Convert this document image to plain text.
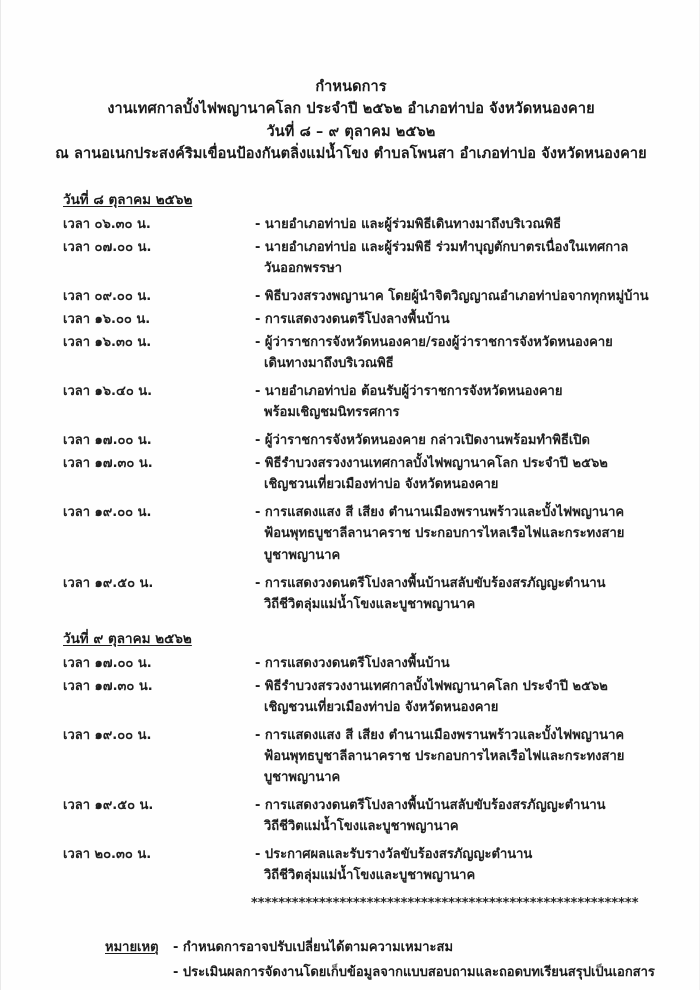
กำหนดการ
งานเทศกาลบั้งไฟพญานาคโลก ประจำปี ๒๕๖๒ อำเภอท่าบ่อ จังหวัดหนองคาย
วันที่ ๘ – ๙ ตุลาคม ๒๕๖๒
ณ ลานอเนกประสงค์ริมเขื่อนป้องกันตลิ่งแม่น้ำโขง ตำบลโพนสา อำเภอท่าบ่อ จังหวัดหนองคาย
วันที่ ๘ ตุลาคม ๒๕๖๒
เวลา ๐๖.๓๐ น.	- นายอำเภอท่าบ่อ และผู้ร่วมพิธีเดินทางมาถึงบริเวณพิธี
เวลา ๐๗.๐๐ น.	- นายอำเภอท่าบ่อ และผู้ร่วมพิธี ร่วมทำบุญตักบาตรเนื่องในเทศกาล
วันออกพรรษา
เวลา ๐๙.๐๐ น.	- พิธีบวงสรวงพญานาค โดยผู้นำจิตวิญญาณอำเภอท่าบ่อจากทุกหมู่บ้าน
เวลา ๑๖.๐๐ น.	- การแสดงวงดนตรีโปงลางพื้นบ้าน
เวลา ๑๖.๓๐ น.	- ผู้ว่าราชการจังหวัดหนองคาย/รองผู้ว่าราชการจังหวัดหนองคาย
เดินทางมาถึงบริเวณพิธี
เวลา ๑๖.๔๐ น.	- นายอำเภอท่าบ่อ ต้อนรับผู้ว่าราชการจังหวัดหนองคาย
พร้อมเชิญชมนิทรรศการ
เวลา ๑๗.๐๐ น.	- ผู้ว่าราชการจังหวัดหนองคาย กล่าวเปิดงานพร้อมทำพิธีเปิด
เวลา ๑๗.๓๐ น.	- พิธีรำบวงสรวงงานเทศกาลบั้งไฟพญานาคโลก ประจำปี ๒๕๖๒
เชิญชวนเที่ยวเมืองท่าบ่อ จังหวัดหนองคาย
เวลา ๑๙.๐๐ น.	- การแสดงแสง สี เสียง ตำนานเมืองพรานพร้าวและบั้งไฟพญานาค
ฟ้อนพุทธบูชาลีลานาคราช ประกอบการไหลเรือไฟและกระทงสาย
บูชาพญานาค
เวลา ๑๙.๕๐ น.	- การแสดงวงดนตรีโปงลางพื้นบ้านสลับขับร้องสรภัญญะตำนาน
วิถีชีวิตลุ่มแม่น้ำโขงและบูชาพญานาค
วันที่ ๙ ตุลาคม ๒๕๖๒
เวลา ๑๗.๐๐ น.	- การแสดงวงดนตรีโปงลางพื้นบ้าน
เวลา ๑๗.๓๐ น.	- พิธีรำบวงสรวงงานเทศกาลบั้งไฟพญานาคโลก ประจำปี ๒๕๖๒
เชิญชวนเที่ยวเมืองท่าบ่อ จังหวัดหนองคาย
เวลา ๑๙.๐๐ น.	- การแสดงแสง สี เสียง ตำนานเมืองพรานพร้าวและบั้งไฟพญานาค
ฟ้อนพุทธบูชาลีลานาคราช ประกอบการไหลเรือไฟและกระทงสาย
บูชาพญานาค
เวลา ๑๙.๕๐ น.	- การแสดงวงดนตรีโปงลางพื้นบ้านสลับขับร้องสรภัญญะตำนาน
วิถีชีวิตแม่น้ำโขงและบูชาพญานาค
เวลา ๒๐.๓๐ น.	- ประกาศผลและรับรางวัลขับร้องสรภัญญะตำนาน
วิถีชีวิตลุ่มแม่น้ำโขงและบูชาพญานาค
*********************************************************
หมายเหตุ	- กำหนดการอาจปรับเปลี่ยนได้ตามความเหมาะสม
- ประเมินผลการจัดงานโดยเก็บข้อมูลจากแบบสอบถามและถอดบทเรียนสรุปเป็นเอกสาร
